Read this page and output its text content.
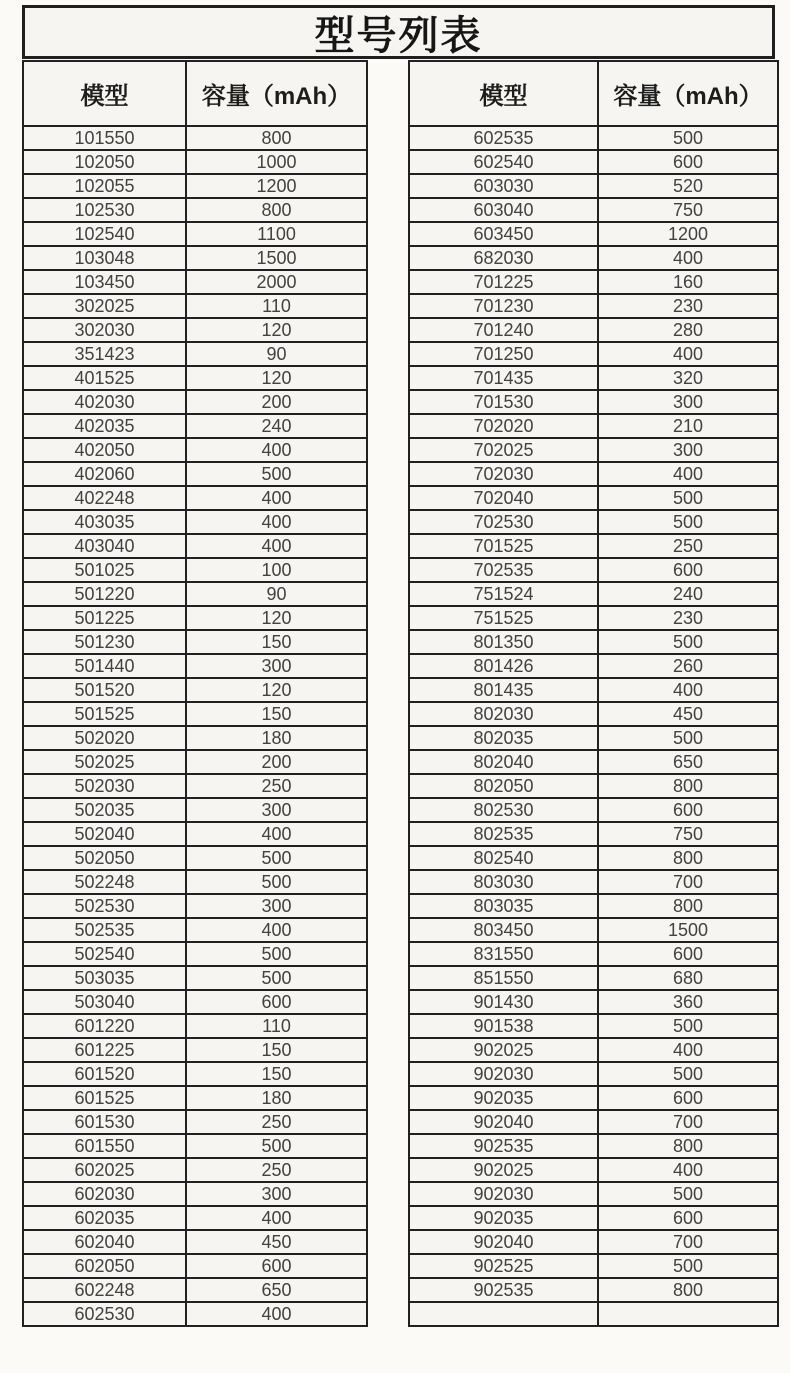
型号列表
模型	容量（mAh）
101550	800
102050	1000
102055	1200
102530	800
102540	1100
103048	1500
103450	2000
302025	110
302030	120
351423	90
401525	120
402030	200
402035	240
402050	400
402060	500
402248	400
403035	400
403040	400
501025	100
501220	90
501225	120
501230	150
501440	300
501520	120
501525	150
502020	180
502025	200
502030	250
502035	300
502040	400
502050	500
502248	500
502530	300
502535	400
502540	500
503035	500
503040	600
601220	110
601225	150
601520	150
601525	180
601530	250
601550	500
602025	250
602030	300
602035	400
602040	450
602050	600
602248	650
602530	400
模型	容量（mAh）
602535	500
602540	600
603030	520
603040	750
603450	1200
682030	400
701225	160
701230	230
701240	280
701250	400
701435	320
701530	300
702020	210
702025	300
702030	400
702040	500
702530	500
701525	250
702535	600
751524	240
751525	230
801350	500
801426	260
801435	400
802030	450
802035	500
802040	650
802050	800
802530	600
802535	750
802540	800
803030	700
803035	800
803450	1500
831550	600
851550	680
901430	360
901538	500
902025	400
902030	500
902035	600
902040	700
902535	800
902025	400
902030	500
902035	600
902040	700
902525	500
902535	800
